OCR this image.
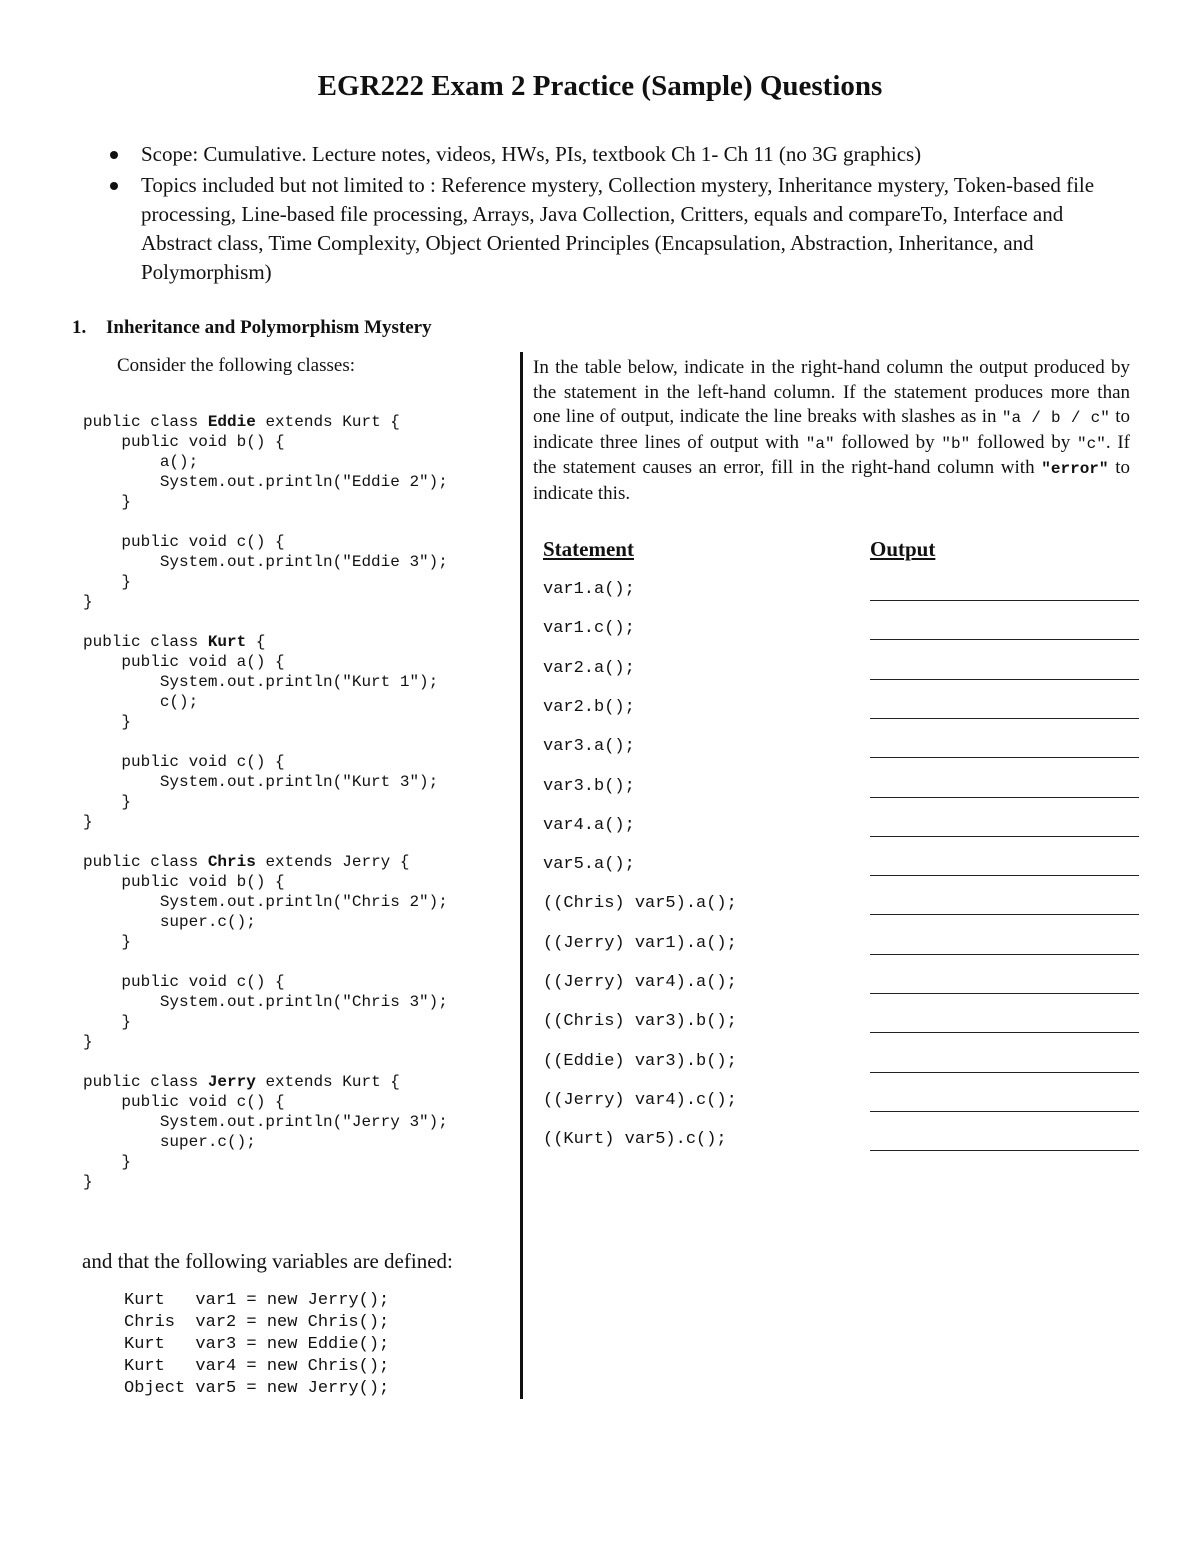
EGR222 Exam 2 Practice (Sample) Questions
Scope: Cumulative. Lecture notes, videos, HWs, PIs, textbook Ch 1- Ch 11 (no 3G graphics)
Topics included but not limited to : Reference mystery, Collection mystery, Inheritance mystery, Token-based file processing, Line-based file processing, Arrays, Java Collection, Critters, equals and compareTo, Interface and Abstract class, Time Complexity, Object Oriented Principles (Encapsulation, Abstraction, Inheritance, and Polymorphism)
1. Inheritance and Polymorphism Mystery
Consider the following classes:
public class Eddie extends Kurt {
public void b() {
a();
System.out.println("Eddie 2");
}
public void c() {
System.out.println("Eddie 3");
}
}
public class Kurt {
public void a() {
System.out.println("Kurt 1");
c();
}
public void c() {
System.out.println("Kurt 3");
}
}
public class Chris extends Jerry {
public void b() {
System.out.println("Chris 2");
super.c();
}
public void c() {
System.out.println("Chris 3");
}
}
public class Jerry extends Kurt {
public void c() {
System.out.println("Jerry 3");
super.c();
}
}
and that the following variables are defined:
Kurt   var1 = new Jerry();
Chris  var2 = new Chris();
Kurt   var3 = new Eddie();
Kurt   var4 = new Chris();
Object var5 = new Jerry();

In the table below, indicate in the right-hand column the output produced by the statement in the left-hand column. If the statement produces more than one line of output, indicate the line breaks with slashes as in "a / b / c" to indicate three lines of output with "a" followed by "b" followed by "c". If the statement causes an error, fill in the right-hand column with "error" to indicate this.

Statement	Output
var1.a();
var1.c();
var2.a();
var2.b();
var3.a();
var3.b();
var4.a();
var5.a();
((Chris) var5).a();
((Jerry) var1).a();
((Jerry) var4).a();
((Chris) var3).b();
((Eddie) var3).b();
((Jerry) var4).c();
((Kurt) var5).c();
